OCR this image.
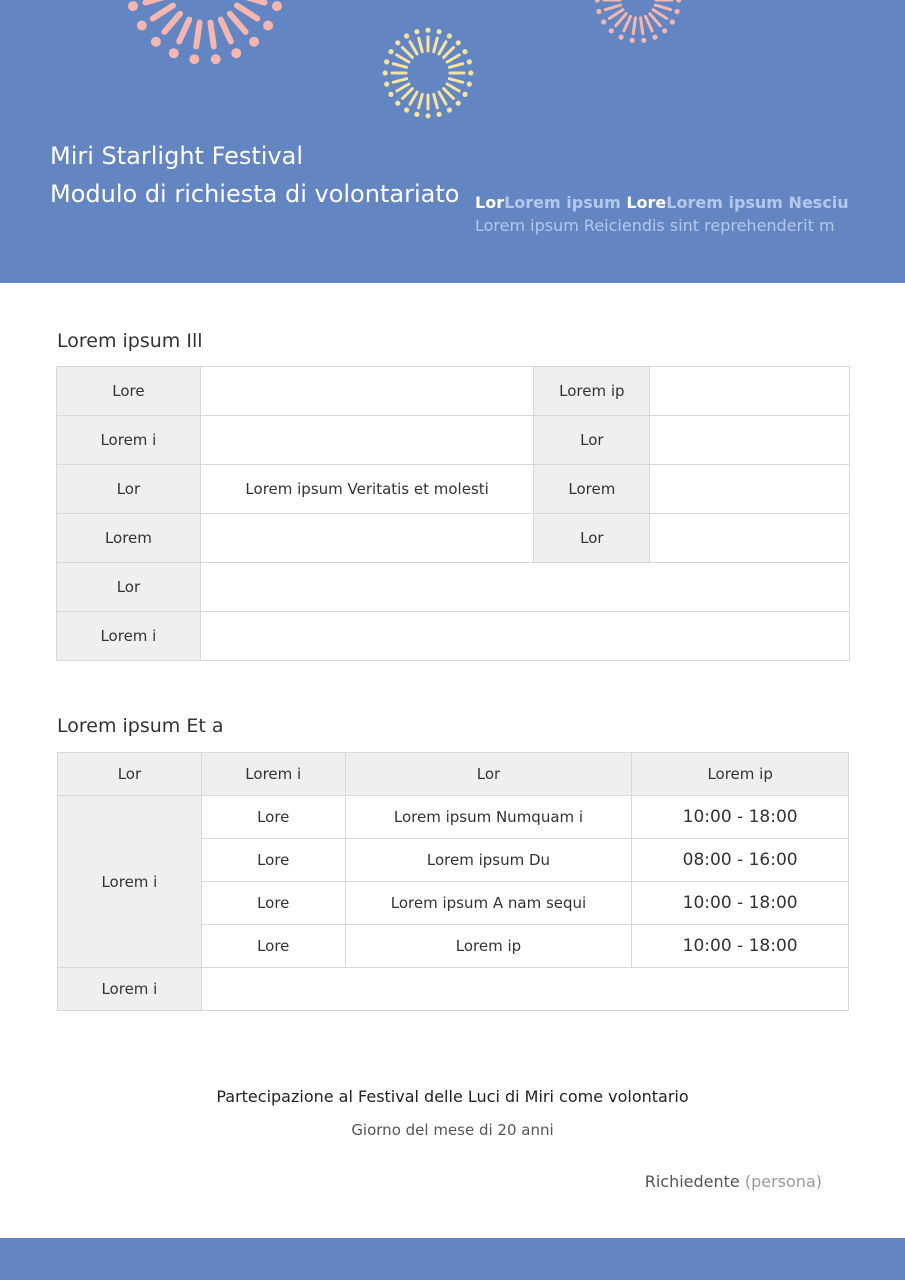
Miri Starlight Festival
Modulo di richiesta di volontariato LorLorem ipsum LoreLorem ipsum Nesciu
Lorem ipsum Reiciendis sint reprehenderit m
Lorem ipsum Ill
Lore		Lorem ip	
Lorem i		Lor	
Lor	Lorem ipsum Veritatis et molesti	Lorem	
Lorem		Lor	
Lor			
Lorem i			
Lorem ipsum Et a
Lor	Lorem i	Lor	Lorem ip
Lorem i	Lore	Lorem ipsum Numquam i	10:00 - 18:00
	Lore	Lorem ipsum Du	08:00 - 16:00
	Lore	Lorem ipsum A nam sequi	10:00 - 18:00
	Lore	Lorem ip	10:00 - 18:00
Lorem i			
Partecipazione al Festival delle Luci di Miri come volontario
Giorno del mese di 20 anni
Richiedente (persona)
